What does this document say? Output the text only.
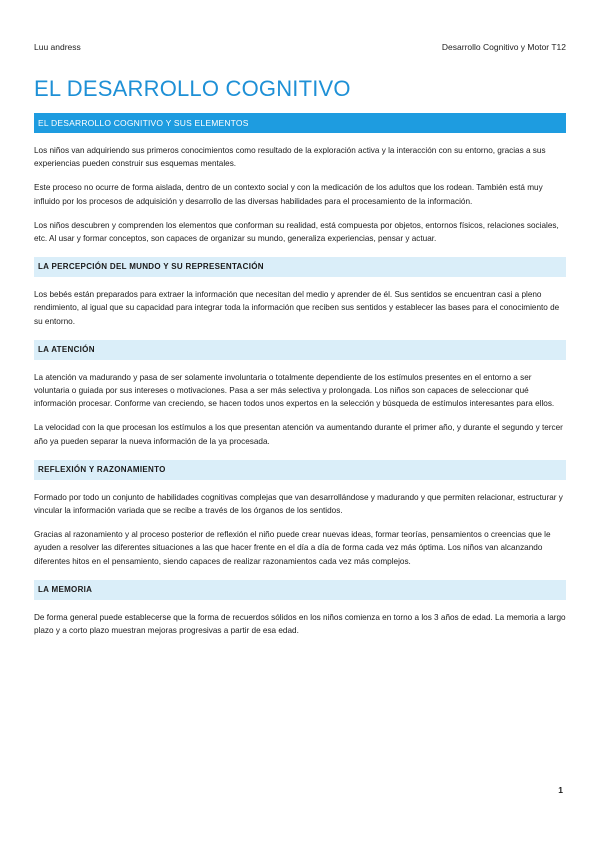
Luu andress	Desarrollo Cognitivo y Motor T12
EL DESARROLLO COGNITIVO
EL DESARROLLO COGNITIVO Y SUS ELEMENTOS

Los niños van adquiriendo sus primeros conocimientos como resultado de la exploración activa y la interacción con su entorno, gracias a sus experiencias pueden construir sus esquemas mentales.

Este proceso no ocurre de forma aislada, dentro de un contexto social y con la medicación de los adultos que los rodean. También está muy influido por los procesos de adquisición y desarrollo de las diversas habilidades para el procesamiento de la información.

Los niños descubren y comprenden los elementos que conforman su realidad, está compuesta por objetos, entornos físicos, relaciones sociales, etc. Al usar y formar conceptos, son capaces de organizar su mundo, generaliza experiencias, pensar y actuar.

LA PERCEPCIÓN DEL MUNDO Y SU REPRESENTACIÓN

Los bebés están preparados para extraer la información que necesitan del medio y aprender de él. Sus sentidos se encuentran casi a pleno rendimiento, al igual que su capacidad para integrar toda la información que reciben sus sentidos y establecer las bases para el conocimiento de su entorno.

LA ATENCIÓN

La atención va madurando y pasa de ser solamente involuntaria o totalmente dependiente de los estímulos presentes en el entorno a ser voluntaria o guiada por sus intereses o motivaciones. Pasa a ser más selectiva y prolongada. Los niños son capaces de seleccionar qué información procesar. Conforme van creciendo, se hacen todos unos expertos en la selección y búsqueda de estímulos interesantes para ellos.

La velocidad con la que procesan los estímulos a los que presentan atención va aumentando durante el primer año, y durante el segundo y tercer año ya pueden separar la nueva información de la ya procesada.

REFLEXIÓN Y RAZONAMIENTO

Formado por todo un conjunto de habilidades cognitivas complejas que van desarrollándose y madurando y que permiten relacionar, estructurar y vincular la información variada que se recibe a través de los órganos de los sentidos.

Gracias al razonamiento y al proceso posterior de reflexión el niño puede crear nuevas ideas, formar teorías, pensamientos o creencias que le ayuden a resolver las diferentes situaciones a las que hacer frente en el día a día de forma cada vez más óptima. Los niños van alcanzando diferentes hitos en el pensamiento, siendo capaces de realizar razonamientos cada vez más complejos.

LA MEMORIA

De forma general puede establecerse que la forma de recuerdos sólidos en los niños comienza en torno a los 3 años de edad. La memoria a largo plazo y a corto plazo muestran mejoras progresivas a partir de esa edad.

1
